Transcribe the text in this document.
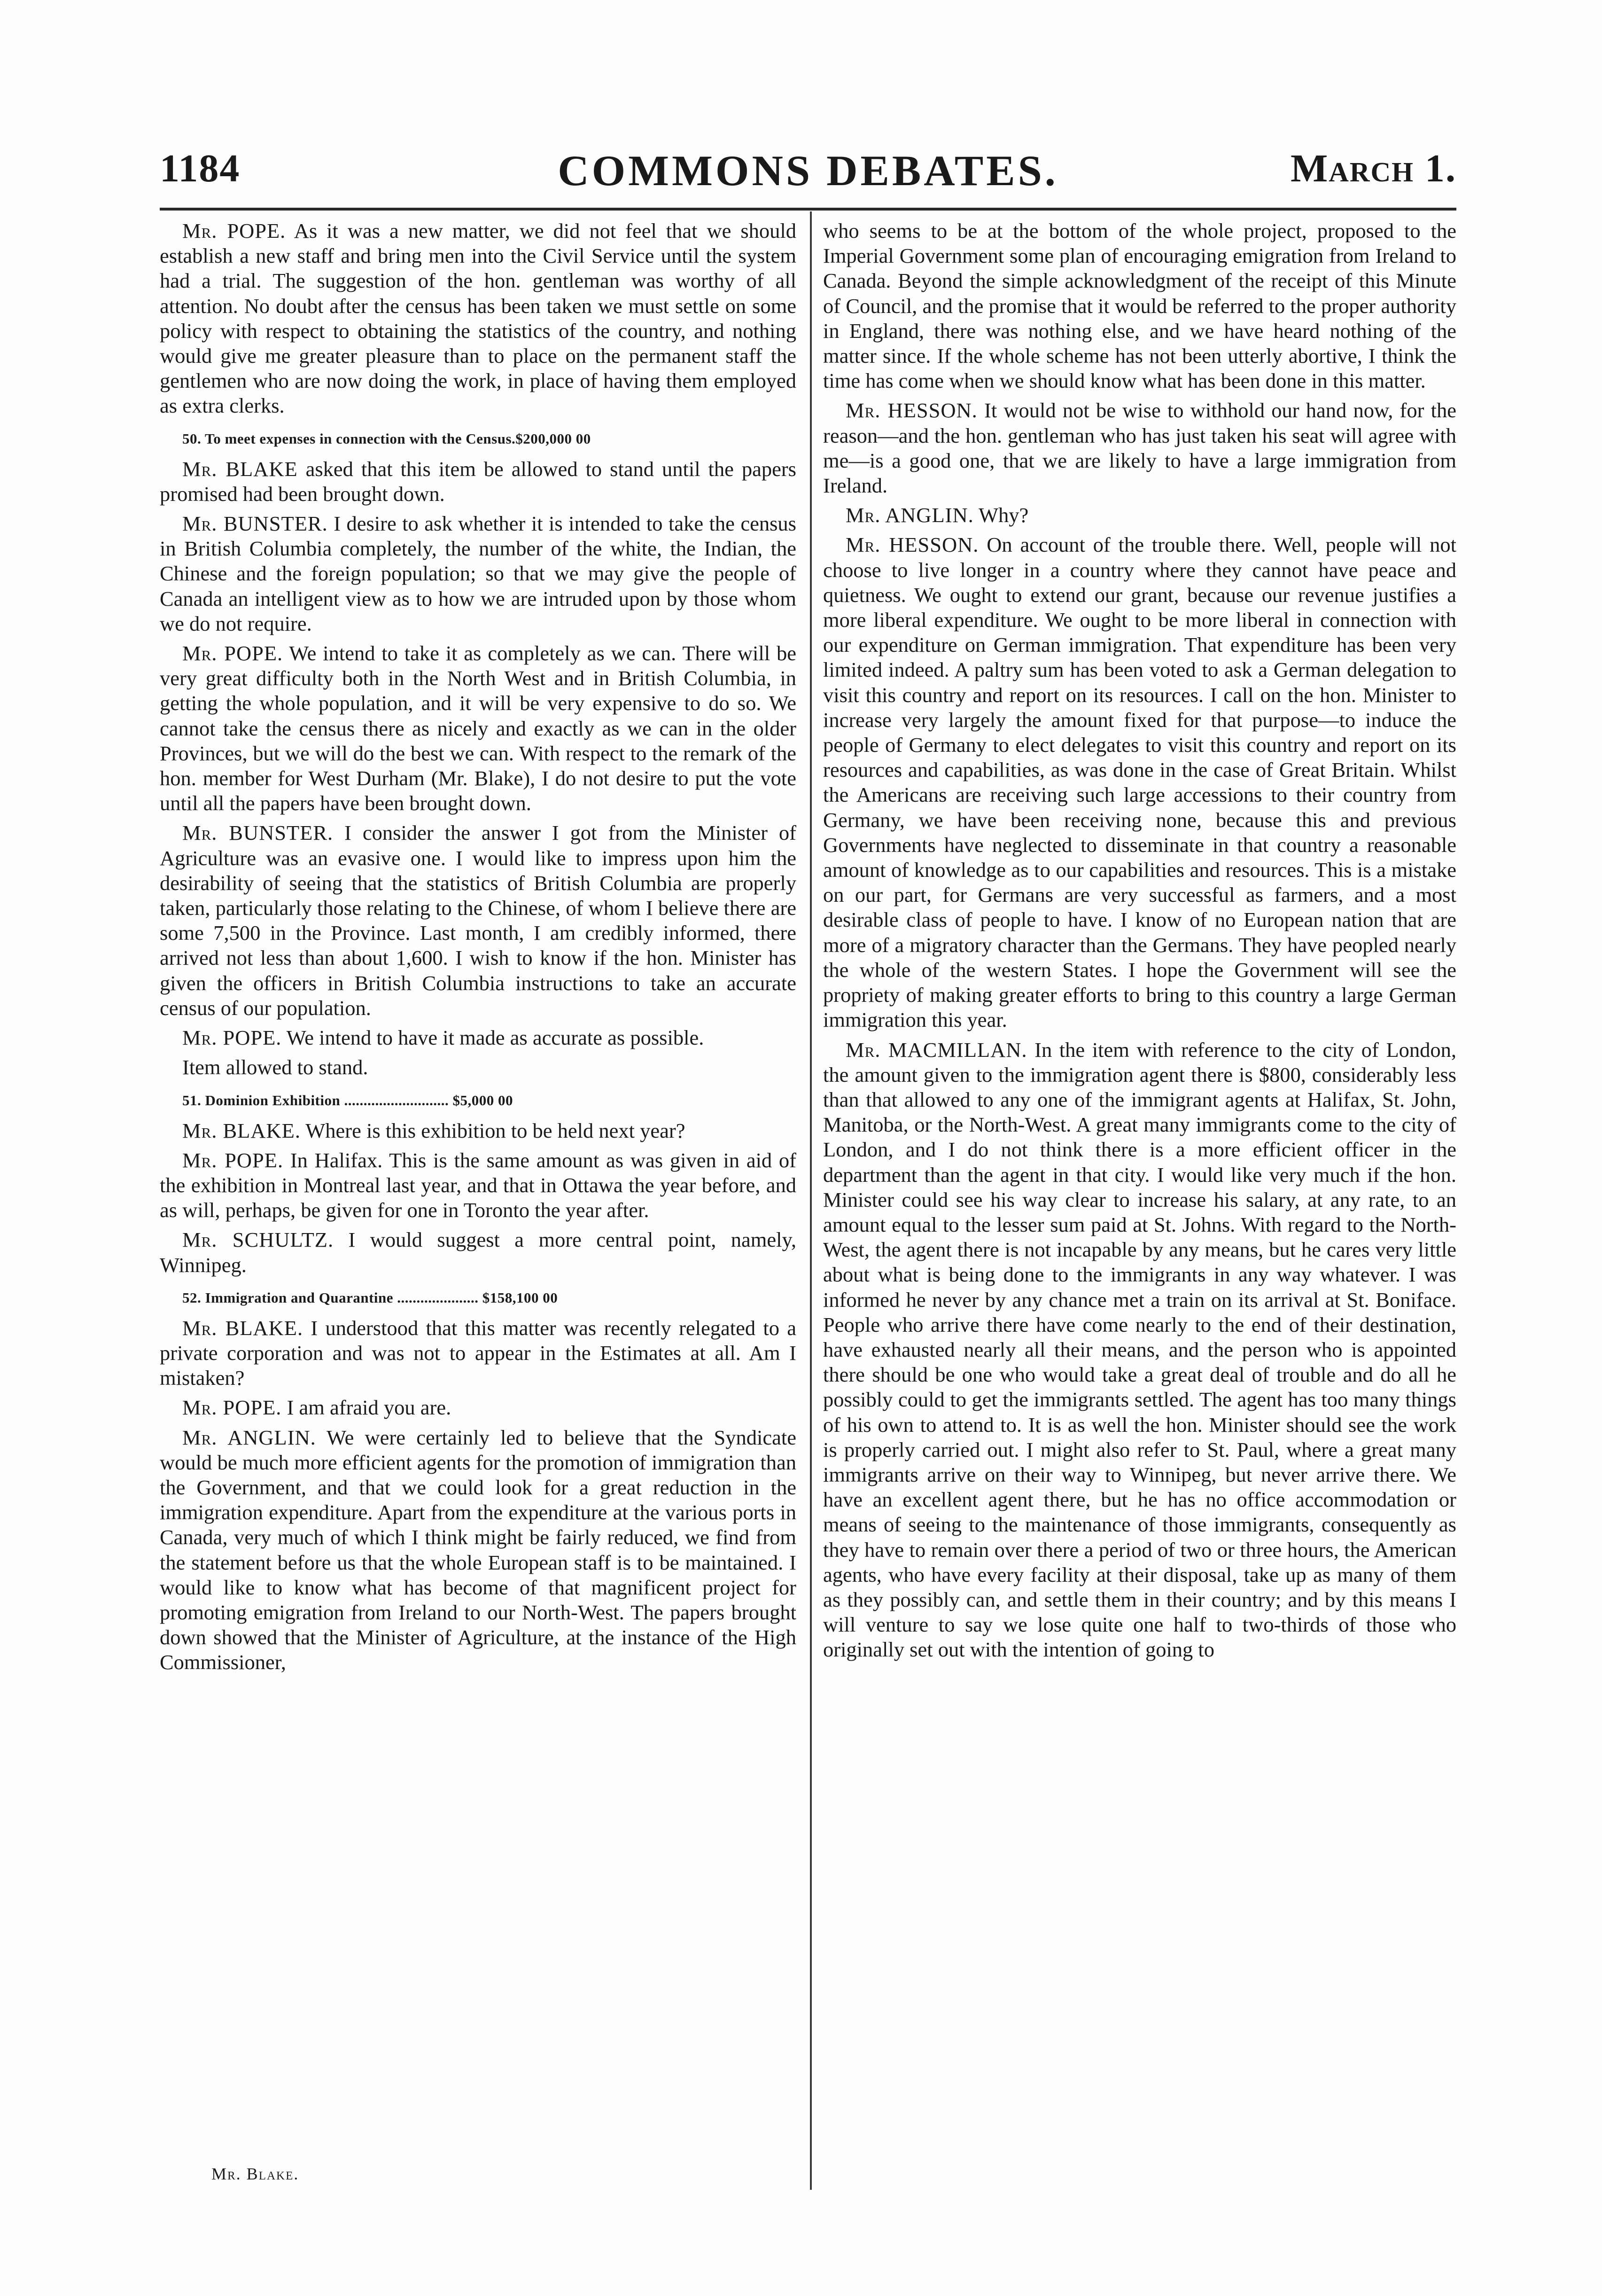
1184	COMMONS DEBATES.	March 1.

Mr. POPE. As it was a new matter, we did not feel that we should establish a new staff and bring men into the Civil Service until the system had a trial. The suggestion of the hon. gentleman was worthy of all attention. No doubt after the census has been taken we must settle on some policy with respect to obtaining the statistics of the country, and nothing would give me greater pleasure than to place on the permanent staff the gentlemen who are now doing the work, in place of having them employed as extra clerks.

50. To meet expenses in connection with the Census.$200,000 00

Mr. BLAKE asked that this item be allowed to stand until the papers promised had been brought down.

Mr. BUNSTER. I desire to ask whether it is intended to take the census in British Columbia completely, the number of the white, the Indian, the Chinese and the foreign population; so that we may give the people of Canada an intelligent view as to how we are intruded upon by those whom we do not require.

Mr. POPE. We intend to take it as completely as we can. There will be very great difficulty both in the North West and in British Columbia, in getting the whole population, and it will be very expensive to do so. We cannot take the census there as nicely and exactly as we can in the older Provinces, but we will do the best we can. With respect to the remark of the hon. member for West Durham (Mr. Blake), I do not desire to put the vote until all the papers have been brought down.

Mr. BUNSTER. I consider the answer I got from the Minister of Agriculture was an evasive one. I would like to impress upon him the desirability of seeing that the statistics of British Columbia are properly taken, particularly those relating to the Chinese, of whom I believe there are some 7,500 in the Province. Last month, I am credibly informed, there arrived not less than about 1,600. I wish to know if the hon. Minister has given the officers in British Columbia instructions to take an accurate census of our population.

Mr. POPE. We intend to have it made as accurate as possible.

Item allowed to stand.

51. Dominion Exhibition ........................... $5,000 00

Mr. BLAKE. Where is this exhibition to be held next year?

Mr. POPE. In Halifax. This is the same amount as was given in aid of the exhibition in Montreal last year, and that in Ottawa the year before, and as will, perhaps, be given for one in Toronto the year after.

Mr. SCHULTZ. I would suggest a more central point, namely, Winnipeg.

52. Immigration and Quarantine ..................... $158,100 00

Mr. BLAKE. I understood that this matter was recently relegated to a private corporation and was not to appear in the Estimates at all. Am I mistaken?

Mr. POPE. I am afraid you are.

Mr. ANGLIN. We were certainly led to believe that the Syndicate would be much more efficient agents for the promotion of immigration than the Government, and that we could look for a great reduction in the immigration expenditure. Apart from the expenditure at the various ports in Canada, very much of which I think might be fairly reduced, we find from the statement before us that the whole European staff is to be maintained. I would like to know what has become of that magnificent project for promoting emigration from Ireland to our North-West. The papers brought down showed that the Minister of Agriculture, at the instance of the High Commissioner,

who seems to be at the bottom of the whole project, proposed to the Imperial Government some plan of encouraging emigration from Ireland to Canada. Beyond the simple acknowledgment of the receipt of this Minute of Council, and the promise that it would be referred to the proper authority in England, there was nothing else, and we have heard nothing of the matter since. If the whole scheme has not been utterly abortive, I think the time has come when we should know what has been done in this matter.

Mr. HESSON. It would not be wise to withhold our hand now, for the reason—and the hon. gentleman who has just taken his seat will agree with me—is a good one, that we are likely to have a large immigration from Ireland.

Mr. ANGLIN. Why?

Mr. HESSON. On account of the trouble there. Well, people will not choose to live longer in a country where they cannot have peace and quietness. We ought to extend our grant, because our revenue justifies a more liberal expenditure. We ought to be more liberal in connection with our expenditure on German immigration. That expenditure has been very limited indeed. A paltry sum has been voted to ask a German delegation to visit this country and report on its resources. I call on the hon. Minister to increase very largely the amount fixed for that purpose—to induce the people of Germany to elect delegates to visit this country and report on its resources and capabilities, as was done in the case of Great Britain. Whilst the Americans are receiving such large accessions to their country from Germany, we have been receiving none, because this and previous Governments have neglected to disseminate in that country a reasonable amount of knowledge as to our capabilities and resources. This is a mistake on our part, for Germans are very successful as farmers, and a most desirable class of people to have. I know of no European nation that are more of a migratory character than the Germans. They have peopled nearly the whole of the western States. I hope the Government will see the propriety of making greater efforts to bring to this country a large German immigration this year.

Mr. MACMILLAN. In the item with reference to the city of London, the amount given to the immigration agent there is $800, considerably less than that allowed to any one of the immigrant agents at Halifax, St. John, Manitoba, or the North-West. A great many immigrants come to the city of London, and I do not think there is a more efficient officer in the department than the agent in that city. I would like very much if the hon. Minister could see his way clear to increase his salary, at any rate, to an amount equal to the lesser sum paid at St. Johns. With regard to the North-West, the agent there is not incapable by any means, but he cares very little about what is being done to the immigrants in any way whatever. I was informed he never by any chance met a train on its arrival at St. Boniface. People who arrive there have come nearly to the end of their destination, have exhausted nearly all their means, and the person who is appointed there should be one who would take a great deal of trouble and do all he possibly could to get the immigrants settled. The agent has too many things of his own to attend to. It is as well the hon. Minister should see the work is properly carried out. I might also refer to St. Paul, where a great many immigrants arrive on their way to Winnipeg, but never arrive there. We have an excellent agent there, but he has no office accommodation or means of seeing to the maintenance of those immigrants, consequently as they have to remain over there a period of two or three hours, the American agents, who have every facility at their disposal, take up as many of them as they possibly can, and settle them in their country; and by this means I will venture to say we lose quite one half to two-thirds of those who originally set out with the intention of going to

Mr. Blake.
